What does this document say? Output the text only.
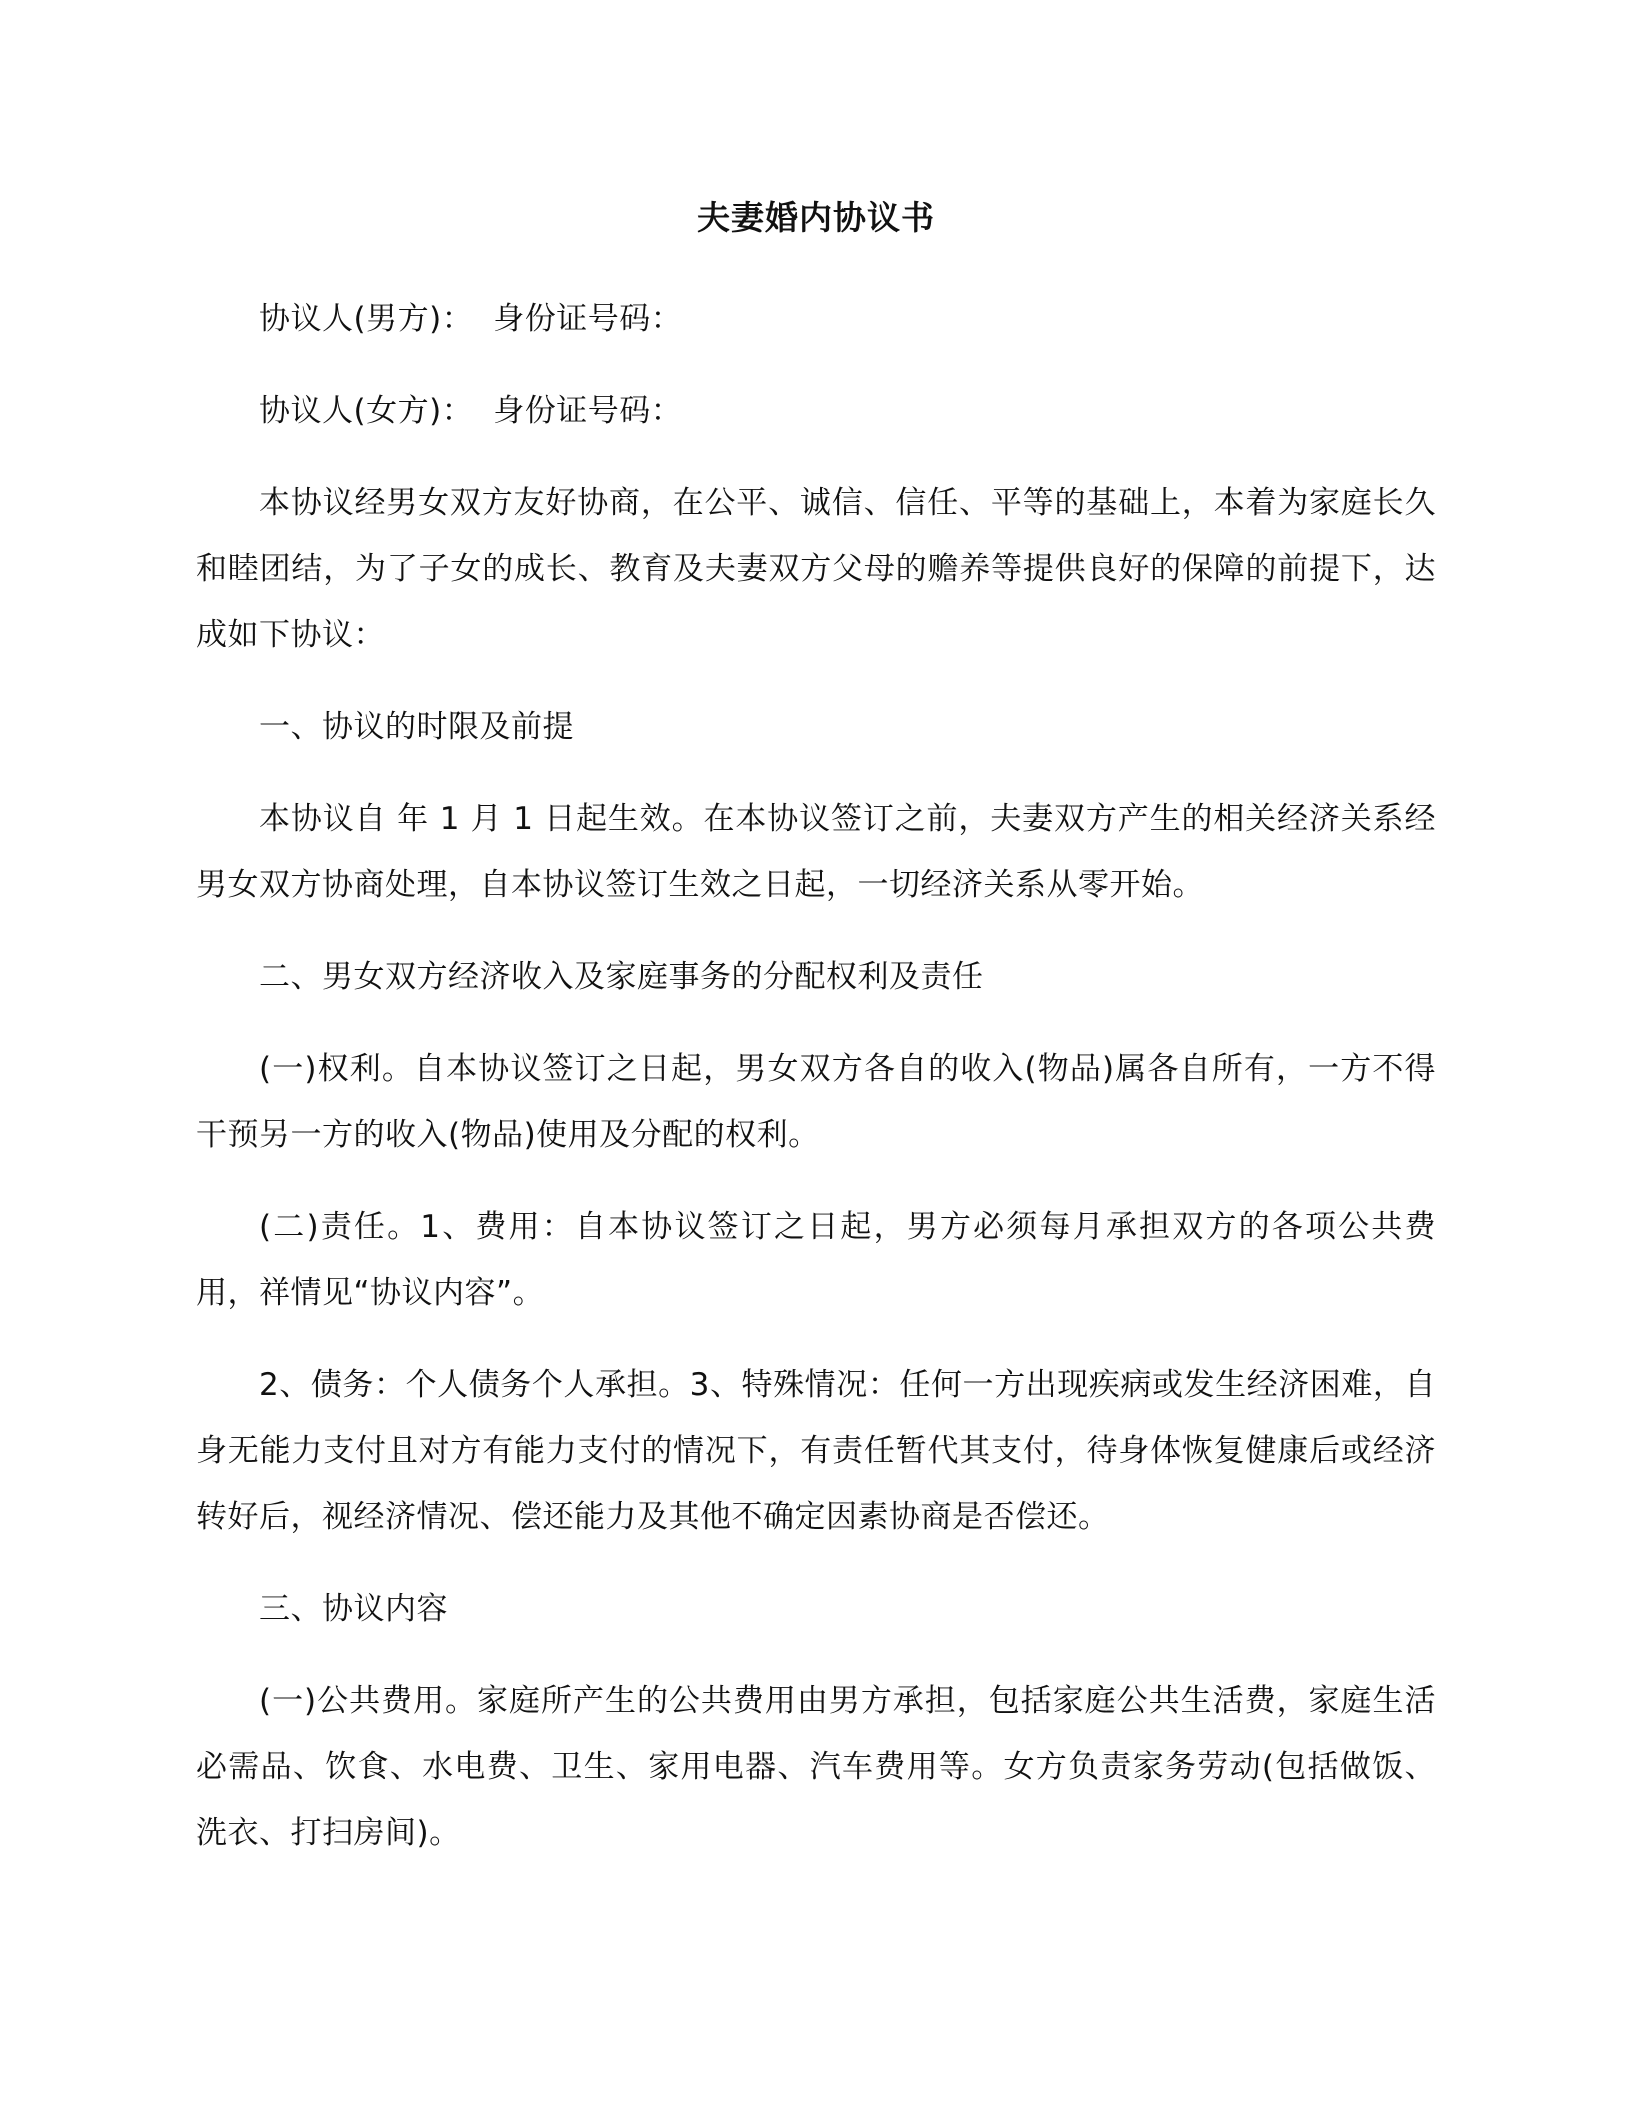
夫妻婚内协议书

协议人(男方)： 身份证号码：

协议人(女方)： 身份证号码：

本协议经男女双方友好协商，在公平、诚信、信任、平等的基础上，本着为家庭长久和睦团结，为了子女的成长、教育及夫妻双方父母的赡养等提供良好的保障的前提下，达成如下协议：

一、协议的时限及前提

本协议自 年 1 月 1 日起生效。在本协议签订之前，夫妻双方产生的相关经济关系经男女双方协商处理，自本协议签订生效之日起，一切经济关系从零开始。

二、男女双方经济收入及家庭事务的分配权利及责任

(一)权利。自本协议签订之日起，男女双方各自的收入(物品)属各自所有，一方不得干预另一方的收入(物品)使用及分配的权利。

(二)责任。1、费用：自本协议签订之日起，男方必须每月承担双方的各项公共费用，祥情见“协议内容”。

2、债务：个人债务个人承担。3、特殊情况：任何一方出现疾病或发生经济困难，自身无能力支付且对方有能力支付的情况下，有责任暂代其支付，待身体恢复健康后或经济转好后，视经济情况、偿还能力及其他不确定因素协商是否偿还。

三、协议内容

(一)公共费用。家庭所产生的公共费用由男方承担，包括家庭公共生活费，家庭生活必需品、饮食、水电费、卫生、家用电器、汽车费用等。女方负责家务劳动(包括做饭、洗衣、打扫房间)。
